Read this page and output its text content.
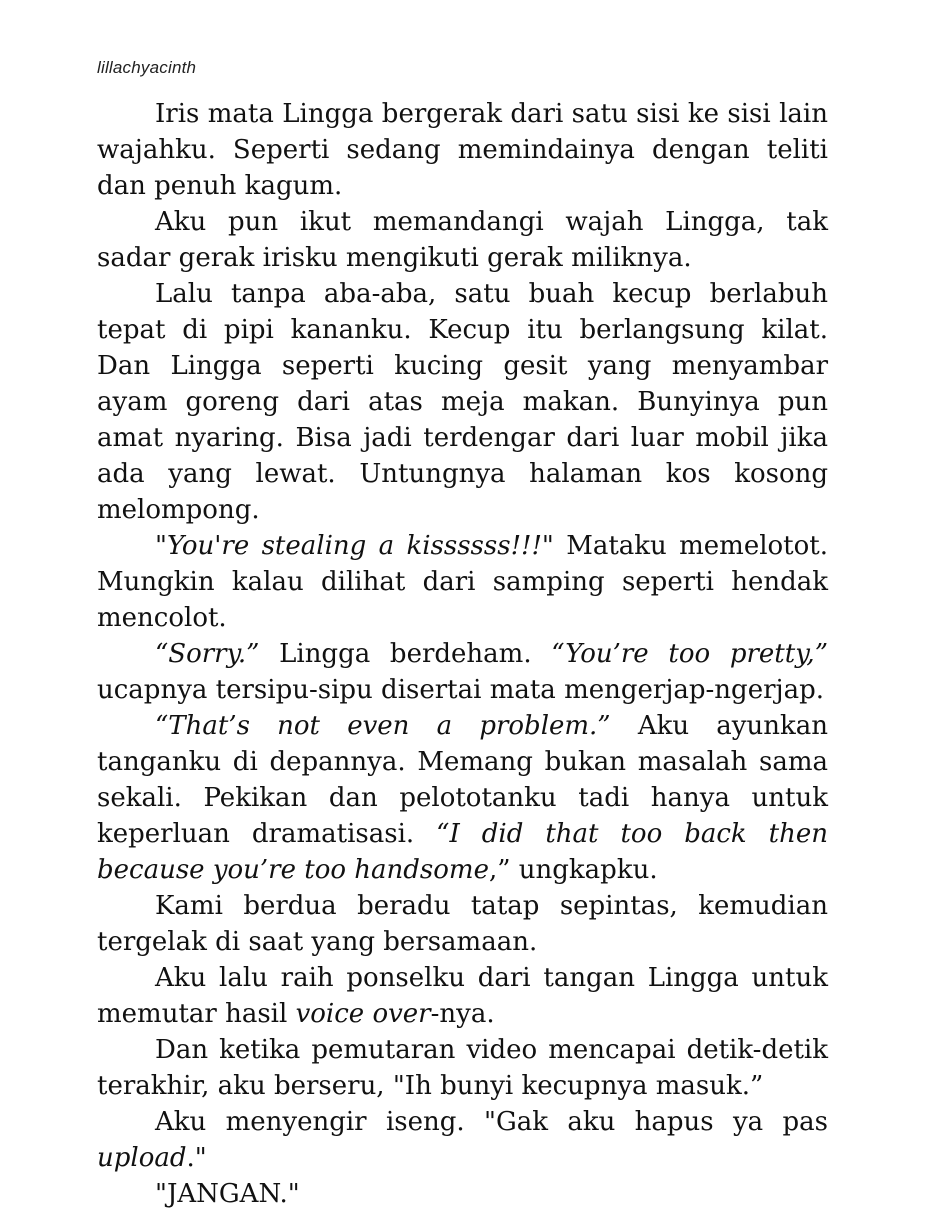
lillachyacinth

Iris mata Lingga bergerak dari satu sisi ke sisi lain wajahku. Seperti sedang memindainya dengan teliti dan penuh kagum.

Aku pun ikut memandangi wajah Lingga, tak sadar gerak irisku mengikuti gerak miliknya.

Lalu tanpa aba-aba, satu buah kecup berlabuh tepat di pipi kananku. Kecup itu berlangsung kilat. Dan Lingga seperti kucing gesit yang menyambar ayam goreng dari atas meja makan. Bunyinya pun amat nyaring. Bisa jadi terdengar dari luar mobil jika ada yang lewat. Untungnya halaman kos kosong melompong.

"You're stealing a kissssss!!!" Mataku memelotot. Mungkin kalau dilihat dari samping seperti hendak mencolot.

“Sorry.” Lingga berdeham. “You’re too pretty,” ucapnya tersipu-sipu disertai mata mengerjap-ngerjap.

“That’s not even a problem.” Aku ayunkan tanganku di depannya. Memang bukan masalah sama sekali. Pekikan dan pelototanku tadi hanya untuk keperluan dramatisasi. “I did that too back then because you’re too handsome,” ungkapku.

Kami berdua beradu tatap sepintas, kemudian tergelak di saat yang bersamaan.

Aku lalu raih ponselku dari tangan Lingga untuk memutar hasil voice over-nya.

Dan ketika pemutaran video mencapai detik-detik terakhir, aku berseru, "Ih bunyi kecupnya masuk.”

Aku menyengir iseng. "Gak aku hapus ya pas upload."

"JANGAN."
